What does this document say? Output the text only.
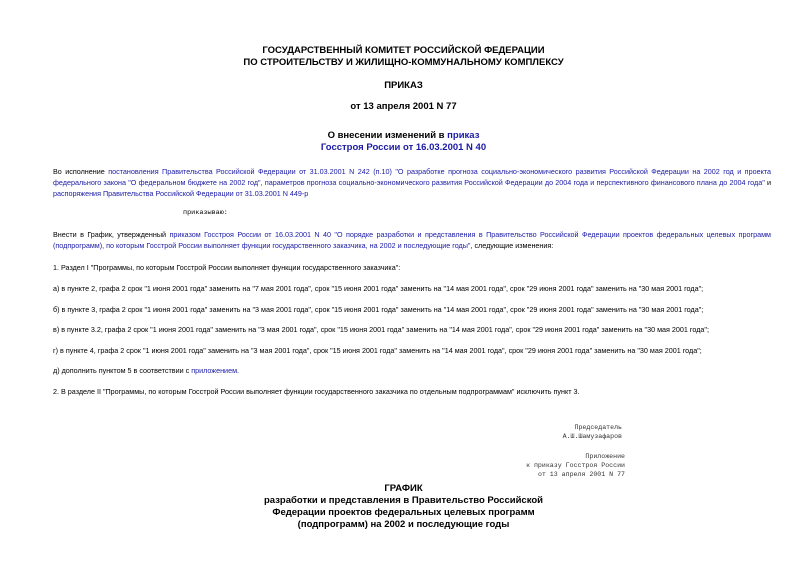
ГОСУДАРСТВЕННЫЙ КОМИТЕТ РОССИЙСКОЙ ФЕДЕРАЦИИ
ПО СТРОИТЕЛЬСТВУ И ЖИЛИЩНО-КОММУНАЛЬНОМУ КОМПЛЕКСУ
ПРИКАЗ
от 13 апреля 2001 N 77
О внесении изменений в приказ
Госстроя России от 16.03.2001 N 40
Во исполнение постановления Правительства Российской Федерации от 31.03.2001 N 242 (п.10) "О разработке прогноза социально-экономического развития Российской Федерации на 2002 год и проекта федерального закона "О федеральном бюджете на 2002 год", параметров прогноза социально-экономического развития Российской Федерации до 2004 года и перспективного финансового плана до 2004 года" и распоряжения Правительства Российской Федерации от 31.03.2001 N 449-р
приказываю:
Внести в График, утвержденный приказом Госстроя России от 16.03.2001 N 40 "О порядке разработки и представления в Правительство Российской Федерации проектов федеральных целевых программ (подпрограмм), по которым Госстрой России выполняет функции государственного заказчика, на 2002 и последующие годы", следующие изменения:
1. Раздел I "Программы, по которым Госстрой России выполняет функции государственного заказчика":
а) в пункте 2, графа 2 срок "1 июня 2001 года" заменить на "7 мая 2001 года", срок "15 июня 2001 года" заменить на "14 мая 2001 года", срок "29 июня 2001 года" заменить на "30 мая 2001 года";
б) в пункте 3, графа 2 срок "1 июня 2001 года" заменить на "3 мая 2001 года", срок "15 июня 2001 года" заменить на "14 мая 2001 года", срок "29 июня 2001 года" заменить на "30 мая 2001 года";
в) в пункте 3.2, графа 2 срок "1 июня 2001 года" заменить на "3 мая 2001 года", срок "15 июня 2001 года" заменить на "14 мая 2001 года", срок "29 июня 2001 года" заменить на "30 мая 2001 года";
г) в пункте 4, графа 2 срок "1 июня 2001 года" заменить на "3 мая 2001 года", срок "15 июня 2001 года" заменить на "14 мая 2001 года", срок "29 июня 2001 года" заменить на "30 мая 2001 года";
д) дополнить пунктом 5 в соответствии с приложением.
2. В разделе II "Программы, по которым Госстрой России выполняет функции государственного заказчика по отдельным подпрограммам" исключить пункт 3.
Председатель
А.Ш.Шамузафаров
Приложение
к приказу Госстроя России
от 13 апреля 2001 N 77
ГРАФИК
разработки и представления в Правительство Российской
Федерации проектов федеральных целевых программ
(подпрограмм) на 2002 и последующие годы
